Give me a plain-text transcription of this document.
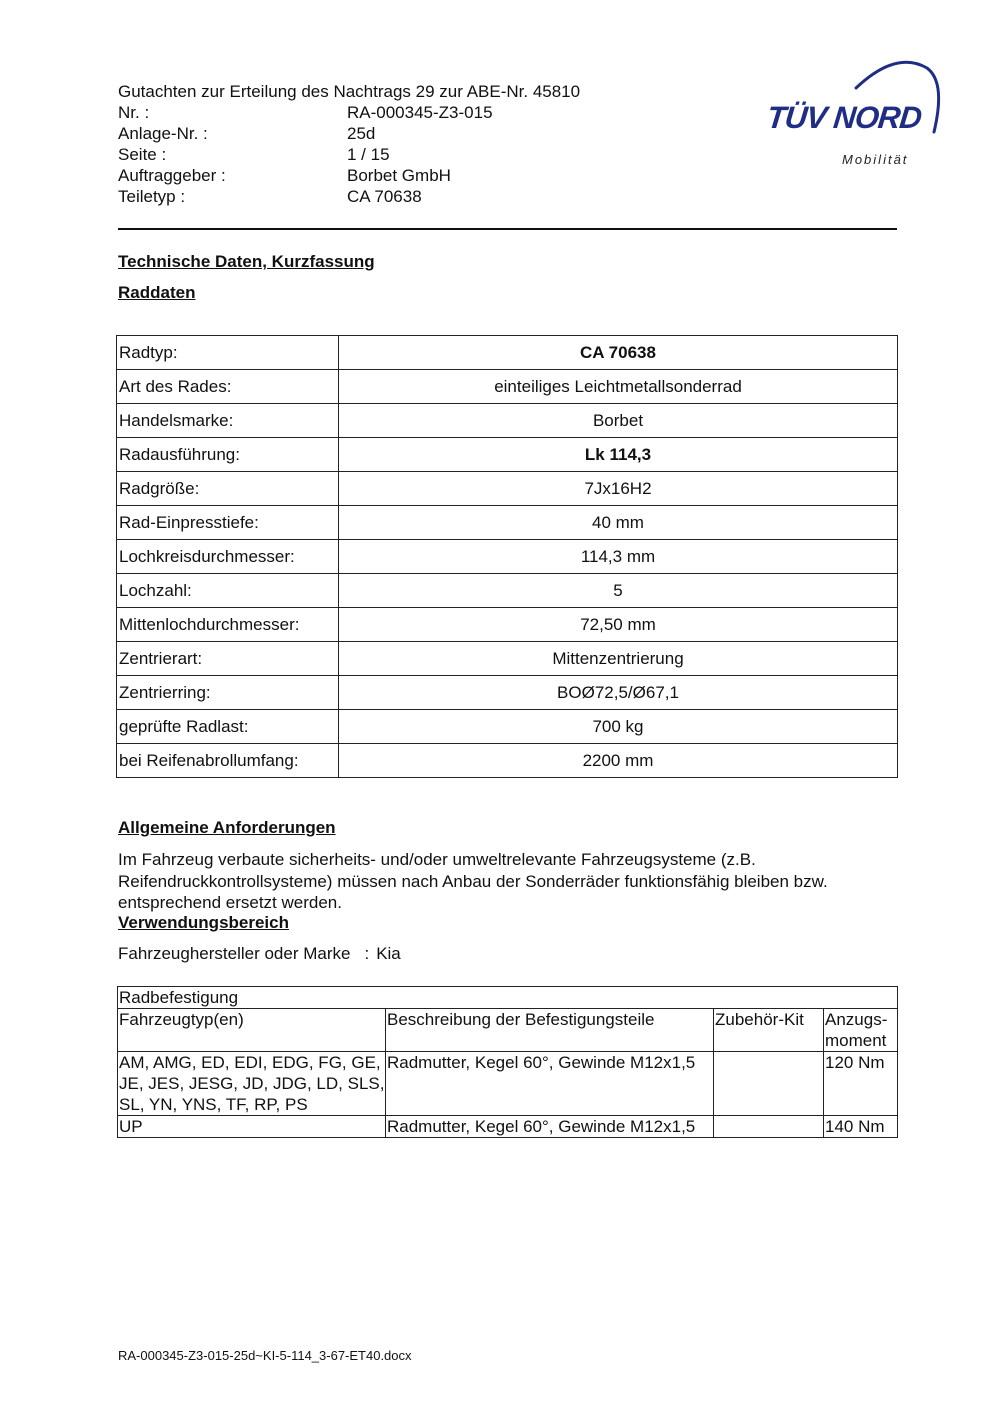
Gutachten zur Erteilung des Nachtrags 29 zur ABE-Nr. 45810
Nr. :	RA-000345-Z3-015
Anlage-Nr. :	25d
Seite :	1 / 15
Auftraggeber :	Borbet GmbH
Teiletyp :	CA 70638
TÜV NORD
Mobilität
Technische Daten, Kurzfassung
Raddaten
Radtyp:	CA 70638
Art des Rades:	einteiliges Leichtmetallsonderrad
Handelsmarke:	Borbet
Radausführung:	Lk 114,3
Radgröße:	7Jx16H2
Rad-Einpresstiefe:	40 mm
Lochkreisdurchmesser:	114,3 mm
Lochzahl:	5
Mittenlochdurchmesser:	72,50 mm
Zentrierart:	Mittenzentrierung
Zentrierring:	BOØ72,5/Ø67,1
geprüfte Radlast:	700 kg
bei Reifenabrollumfang:	2200 mm
Allgemeine Anforderungen
Im Fahrzeug verbaute sicherheits- und/oder umweltrelevante Fahrzeugsysteme (z.B. Reifendruckkontrollsysteme) müssen nach Anbau der Sonderräder funktionsfähig bleiben bzw. entsprechend ersetzt werden.
Verwendungsbereich
Fahrzeughersteller oder Marke : Kia
Radbefestigung			
Fahrzeugtyp(en)	Beschreibung der Befestigungsteile	Zubehör-Kit	Anzugs-moment
AM, AMG, ED, EDI, EDG, FG, GE, JE, JES, JESG, JD, JDG, LD, SLS, SL, YN, YNS, TF, RP, PS	Radmutter, Kegel 60°, Gewinde M12x1,5		120 Nm
UP	Radmutter, Kegel 60°, Gewinde M12x1,5		140 Nm
RA-000345-Z3-015-25d~KI-5-114_3-67-ET40.docx
